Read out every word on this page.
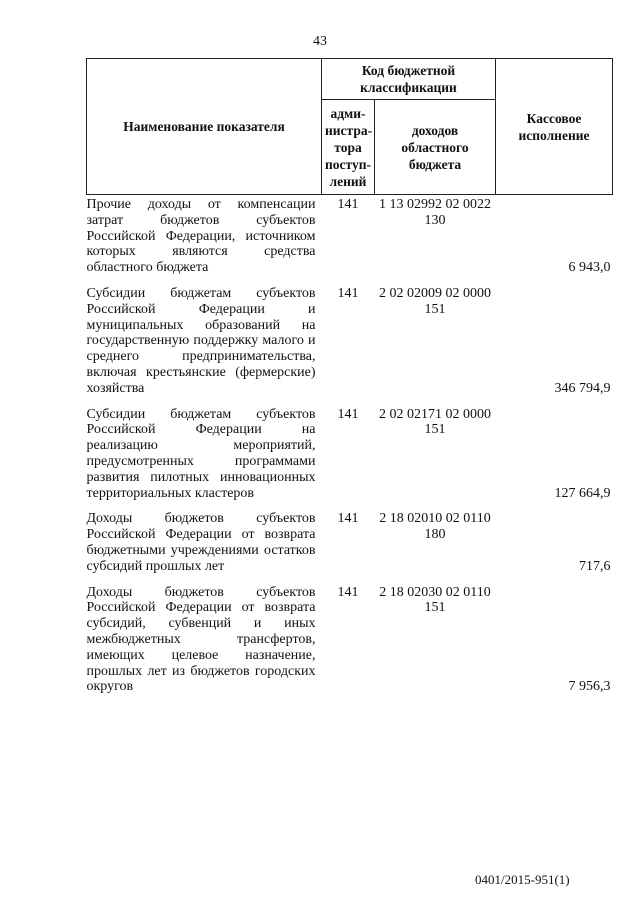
43
Наименование показателя	Код бюджетной классификации		Кассовое исполнение
	адми- нистра- тора поступ- лений	доходов областного бюджета	
Прочие доходы от компенсации затрат бюджетов субъектов Российской Федерации, источником которых являются средства областного бюджета	141	1 13 02992 02 0022 130	6 943,0
Субсидии бюджетам субъектов Российской Федерации и муниципальных образований на государственную поддержку малого и среднего предпринимательства, включая крестьянские (фермерские) хозяйства	141	2 02 02009 02 0000 151	346 794,9
Субсидии бюджетам субъектов Российской Федерации на реализацию мероприятий, предусмотренных программами развития пилотных инновационных территориальных кластеров	141	2 02 02171 02 0000 151	127 664,9
Доходы бюджетов субъектов Российской Федерации от возврата бюджетными учреждениями остатков субсидий прошлых лет	141	2 18 02010 02 0110 180	717,6
Доходы бюджетов субъектов Российской Федерации от возврата субсидий, субвенций и иных межбюджетных трансфертов, имеющих целевое назначение, прошлых лет из бюджетов городских округов	141	2 18 02030 02 0110 151	7 956,3
0401/2015-951(1)
